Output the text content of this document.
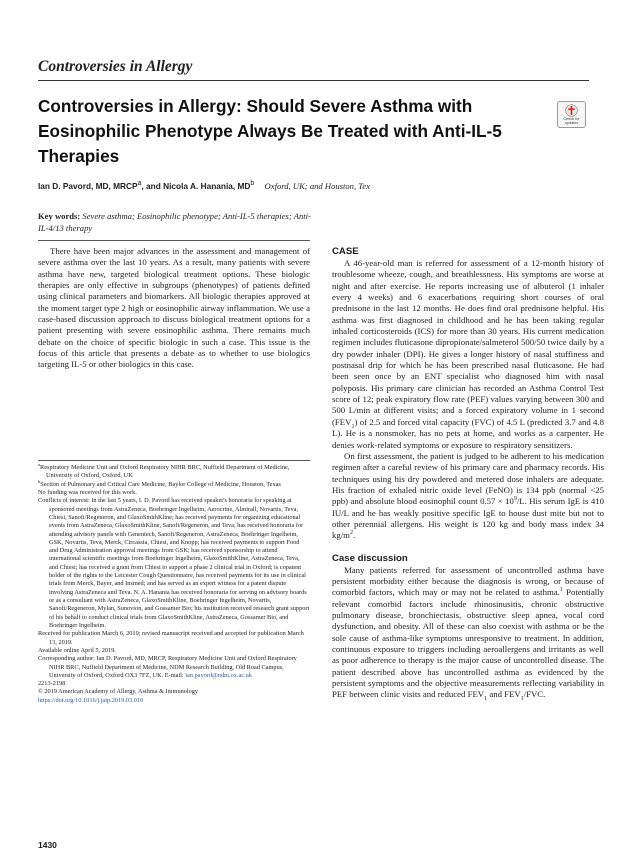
Controversies in Allergy
Controversies in Allergy: Should Severe Asthma with Eosinophilic Phenotype Always Be Treated with Anti-IL-5 Therapies
Check for updates
Ian D. Pavord, MD, MRCP$^a$, and Nicola A. Hanania, $MD^b$ Oxford, UK; and Houston, Tex
Key words: Severe asthma; Eosinophilic phenotype; Anti-IL-5 therapies; Anti-IL-4/13 therapy
There have been major advances in the assessment and management of severe asthma over the last 10 years. As a result, many patients with severe asthma have new, targeted biological treatment options. These biologic therapies are only effective in subgroups (phenotypes) of patients defined using clinical parameters and biomarkers. All biologic therapies approved at the moment target type 2 high or eosinophilic airway inflammation. We use a case-based discussion approach to discuss biological treatment options for a patient presenting with severe eosinophilic asthma. There remains much debate on the choice of specific biologic in such a case. This issue is the focus of this article that presents a debate as to whether to use biologics targeting IL-5 or other biologics in this case.

$^a$Respiratory Medicine Unit and Oxford Respiratory NIHR BRC, Nuffield Department of Medicine, University of Oxford, Oxford, UK

$^b$Section of Pulmonary and Critical Care Medicine, Baylor College of Medicine, Houston, Texas

No funding was received for this work.

Conflicts of interest: In the last 5 years, I. D. Pavord has received speaker's honoraria for speaking at sponsored meetings from AstraZeneca, Boehringer Ingelheim, Aerocrine, Almirall, Novartis, Teva, Chiesi, Sanofi/Regeneron, and GlaxoSmithKline; has received payments for organizing educational events from AstraZeneca, GlaxoSmithKline, Sanofi/Regeneron, and Teva; has received honoraria for attending advisory panels with Genentech, Sanofi/Regeneron, AstraZeneca, Boehringer Ingelheim, GSK, Novartis, Teva, Merck, Circassia, Chiesi, and Knopp; has received payments to support Food and Drug Administration approval meetings from GSK; has received sponsorship to attend international scientific meetings from Boehringer Ingelheim, GlaxoSmithKline, AstraZeneca, Teva, and Chiesi; has received a grant from Chiesi to support a phase 2 clinical trial in Oxford; is copatent holder of the rights to the Leicester Cough Questionnaire, has received payments for its use in clinical trials from Merck, Bayer, and Insmed; and has served as an expert witness for a patent dispute involving AstraZeneca and Teva. N. A. Hanania has received honoraria for serving on advisory boards or as a consultant with AstraZeneca, GlaxoSmithKline, Boehringer Ingelheim, Novartis, Sanofi/Regeneron, Mylan, Sunovion, and Gossamer Bio; his institution received research grant support of his behalf to conduct clinical trials from GlaxoSmithKline, AstraZeneca, Gossamer Bio, and Boehringer Ingelheim.

Received for publication March 6, 2019; revised manuscript received and accepted for publication March 13, 2019.

Available online April 5, 2019.

Corresponding author: Ian D. Pavord, MD, MRCP, Respiratory Medicine Unit and Oxford Respiratory NIHR BRC, Nuffield Department of Medicine, NDM Research Building, Old Road Campus, University of Oxford, Oxford OX3 7FZ, UK. E-mail: ian.pavord@ndm.ox.ac.uk

2213-2198

© 2019 American Academy of Allergy, Asthma & Immunology

https://doi.org/10.1016/j.jaip.2019.03.010

CASE

A 46-year-old man is referred for assessment of a 12-month history of troublesome wheeze, cough, and breathlessness. His symptoms are worse at night and after exercise. He reports increasing use of albuterol (1 inhaler every 4 weeks) and 6 exacerbations requiring short courses of oral prednisone in the last 12 months. He does find oral prednisone helpful. His asthma was first diagnosed in childhood and he has been taking regular inhaled corticosteroids (ICS) for more than 30 years. His current medication regimen includes fluticasone dipropionate/salmeterol 500/50 twice daily by a dry powder inhaler (DPI). He gives a longer history of nasal stuffiness and postnasal drip for which he has been prescribed nasal fluticasone. He had been seen once by an ENT specialist who diagnosed him with nasal polyposis. His primary care clinician has recorded an Asthma Control Test score of 12; peak expiratory flow rate (PEF) values varying between 300 and 500 L/min at different visits; and a forced expiratory volume in 1 second $(FEV_1)$ of 2.5 and forced vital capacity (FVC) of 4.5 L (predicted 3.7 and 4.8 L). He is a nonsmoker, has no pets at home, and works as a carpenter. He denies work-related symptoms or exposure to respiratory sensitizers.

On first assessment, the patient is judged to be adherent to his medication regimen after a careful review of his primary care and pharmacy records. His techniques using his dry powdered and metered dose inhalers are adequate. His fraction of exhaled nitric oxide level (FeNO) is 134 ppb (normal <25 ppb) and absolute blood eosinophil count $0.57 \times 10^9/L$. His serum IgE is 410 IU/L and he has weakly positive specific IgE to house dust mite but not to other perennial allergens. His weight is 120 kg and body mass index 34 $kg/m^2$.

Case discussion

Many patients referred for assessment of uncontrolled asthma have persistent morbidity either because the diagnosis is wrong, or because of comorbid factors, which may or may not be related to asthma.$^1$ Potentially relevant comorbid factors include rhinosinusitis, chronic obstructive pulmonary disease, bronchiectasis, obstructive sleep apnea, vocal cord dysfunction, and obesity. All of these can also coexist with asthma or be the sole cause of asthma-like symptoms unresponsive to treatment. In addition, continuous exposure to triggers including aeroallergens and irritants as well as poor adherence to therapy is the major cause of uncontrolled disease. The patient described above has uncontrolled asthma as evidenced by the persistent symptoms and the objective measurements reflecting variability in PEF between clinic visits and reduced $FEV_1$ and $FEV_1$/FVC.

1430
